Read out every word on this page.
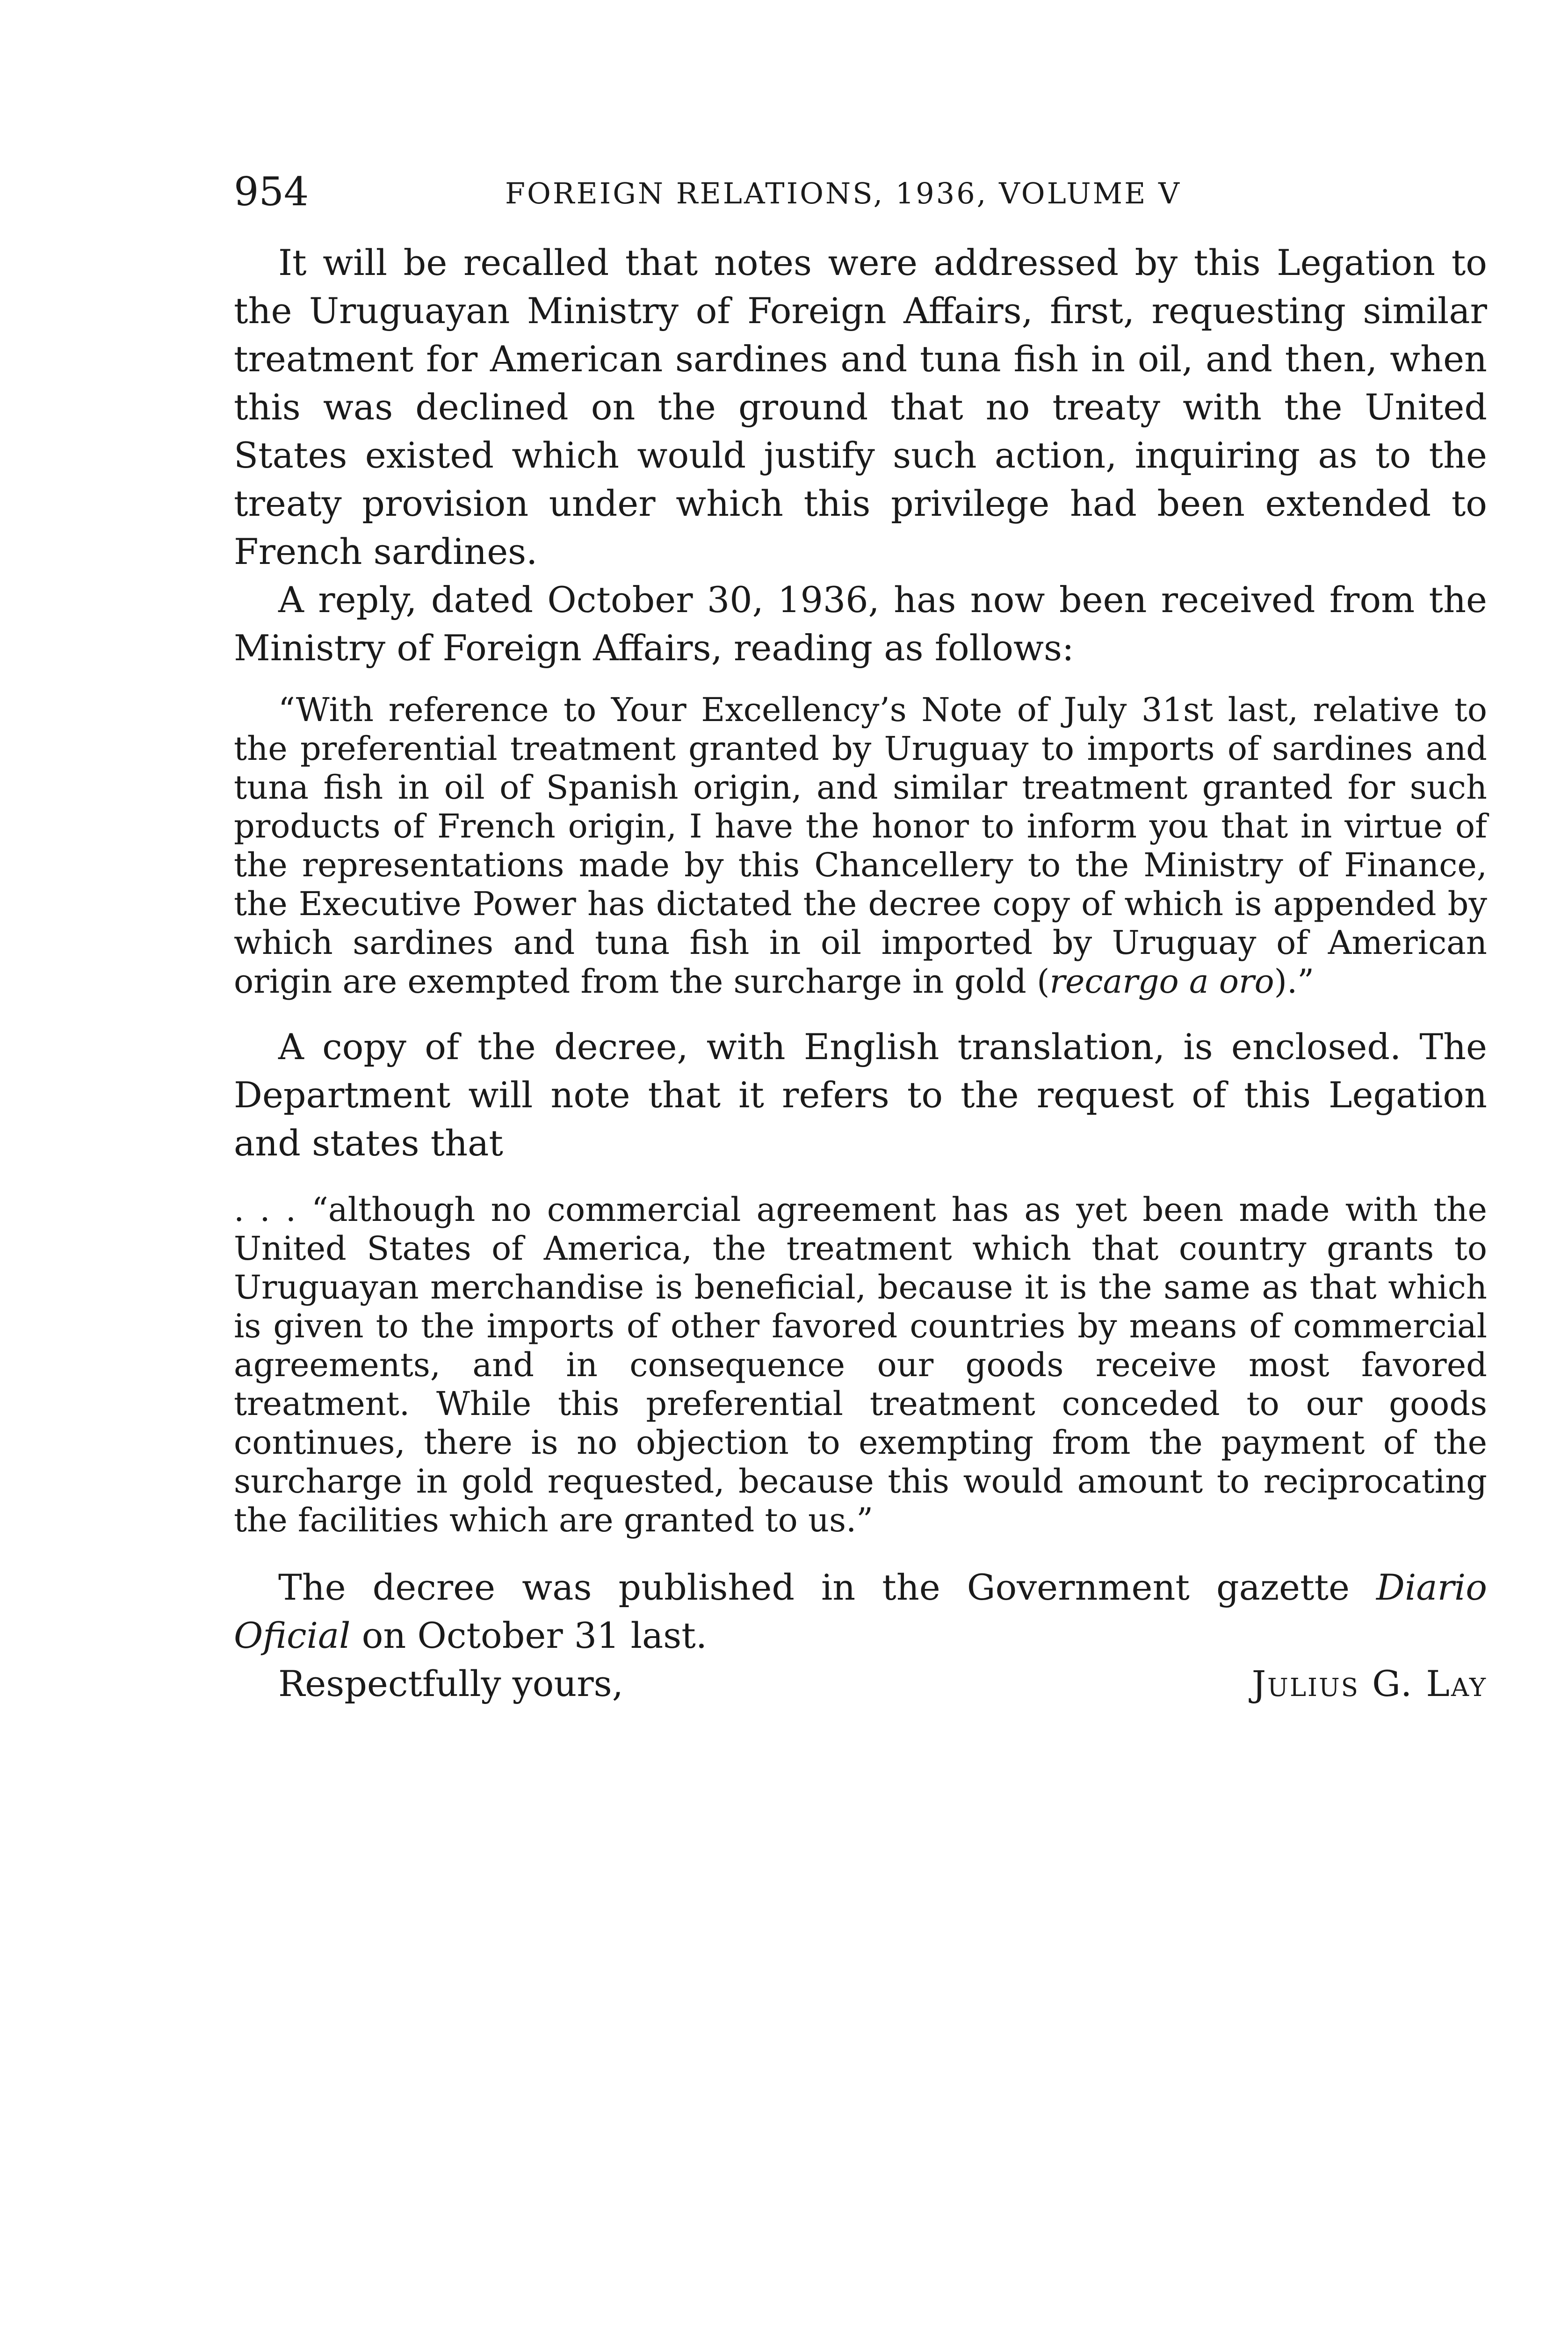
954	FOREIGN RELATIONS, 1936, VOLUME V

It will be recalled that notes were addressed by this Legation to the Uruguayan Ministry of Foreign Affairs, first, requesting similar treatment for American sardines and tuna fish in oil, and then, when this was declined on the ground that no treaty with the United States existed which would justify such action, inquiring as to the treaty provision under which this privilege had been extended to French sardines.

A reply, dated October 30, 1936, has now been received from the Ministry of Foreign Affairs, reading as follows:

“With reference to Your Excellency’s Note of July 31st last, relative to the preferential treatment granted by Uruguay to imports of sardines and tuna fish in oil of Spanish origin, and similar treatment granted for such products of French origin, I have the honor to inform you that in virtue of the representations made by this Chancellery to the Ministry of Finance, the Executive Power has dictated the decree copy of which is appended by which sardines and tuna fish in oil imported by Uruguay of American origin are exempted from the surcharge in gold (recargo a oro).”

A copy of the decree, with English translation, is enclosed. The Department will note that it refers to the request of this Legation and states that

. . . “although no commercial agreement has as yet been made with the United States of America, the treatment which that country grants to Uruguayan merchandise is beneficial, because it is the same as that which is given to the imports of other favored countries by means of commercial agreements, and in consequence our goods receive most favored treatment. While this preferential treatment conceded to our goods continues, there is no objection to exempting from the payment of the surcharge in gold requested, because this would amount to reciprocating the facilities which are granted to us.”

The decree was published in the Government gazette Diario Oficial on October 31 last.

Respectfully yours,	Julius G. Lay
